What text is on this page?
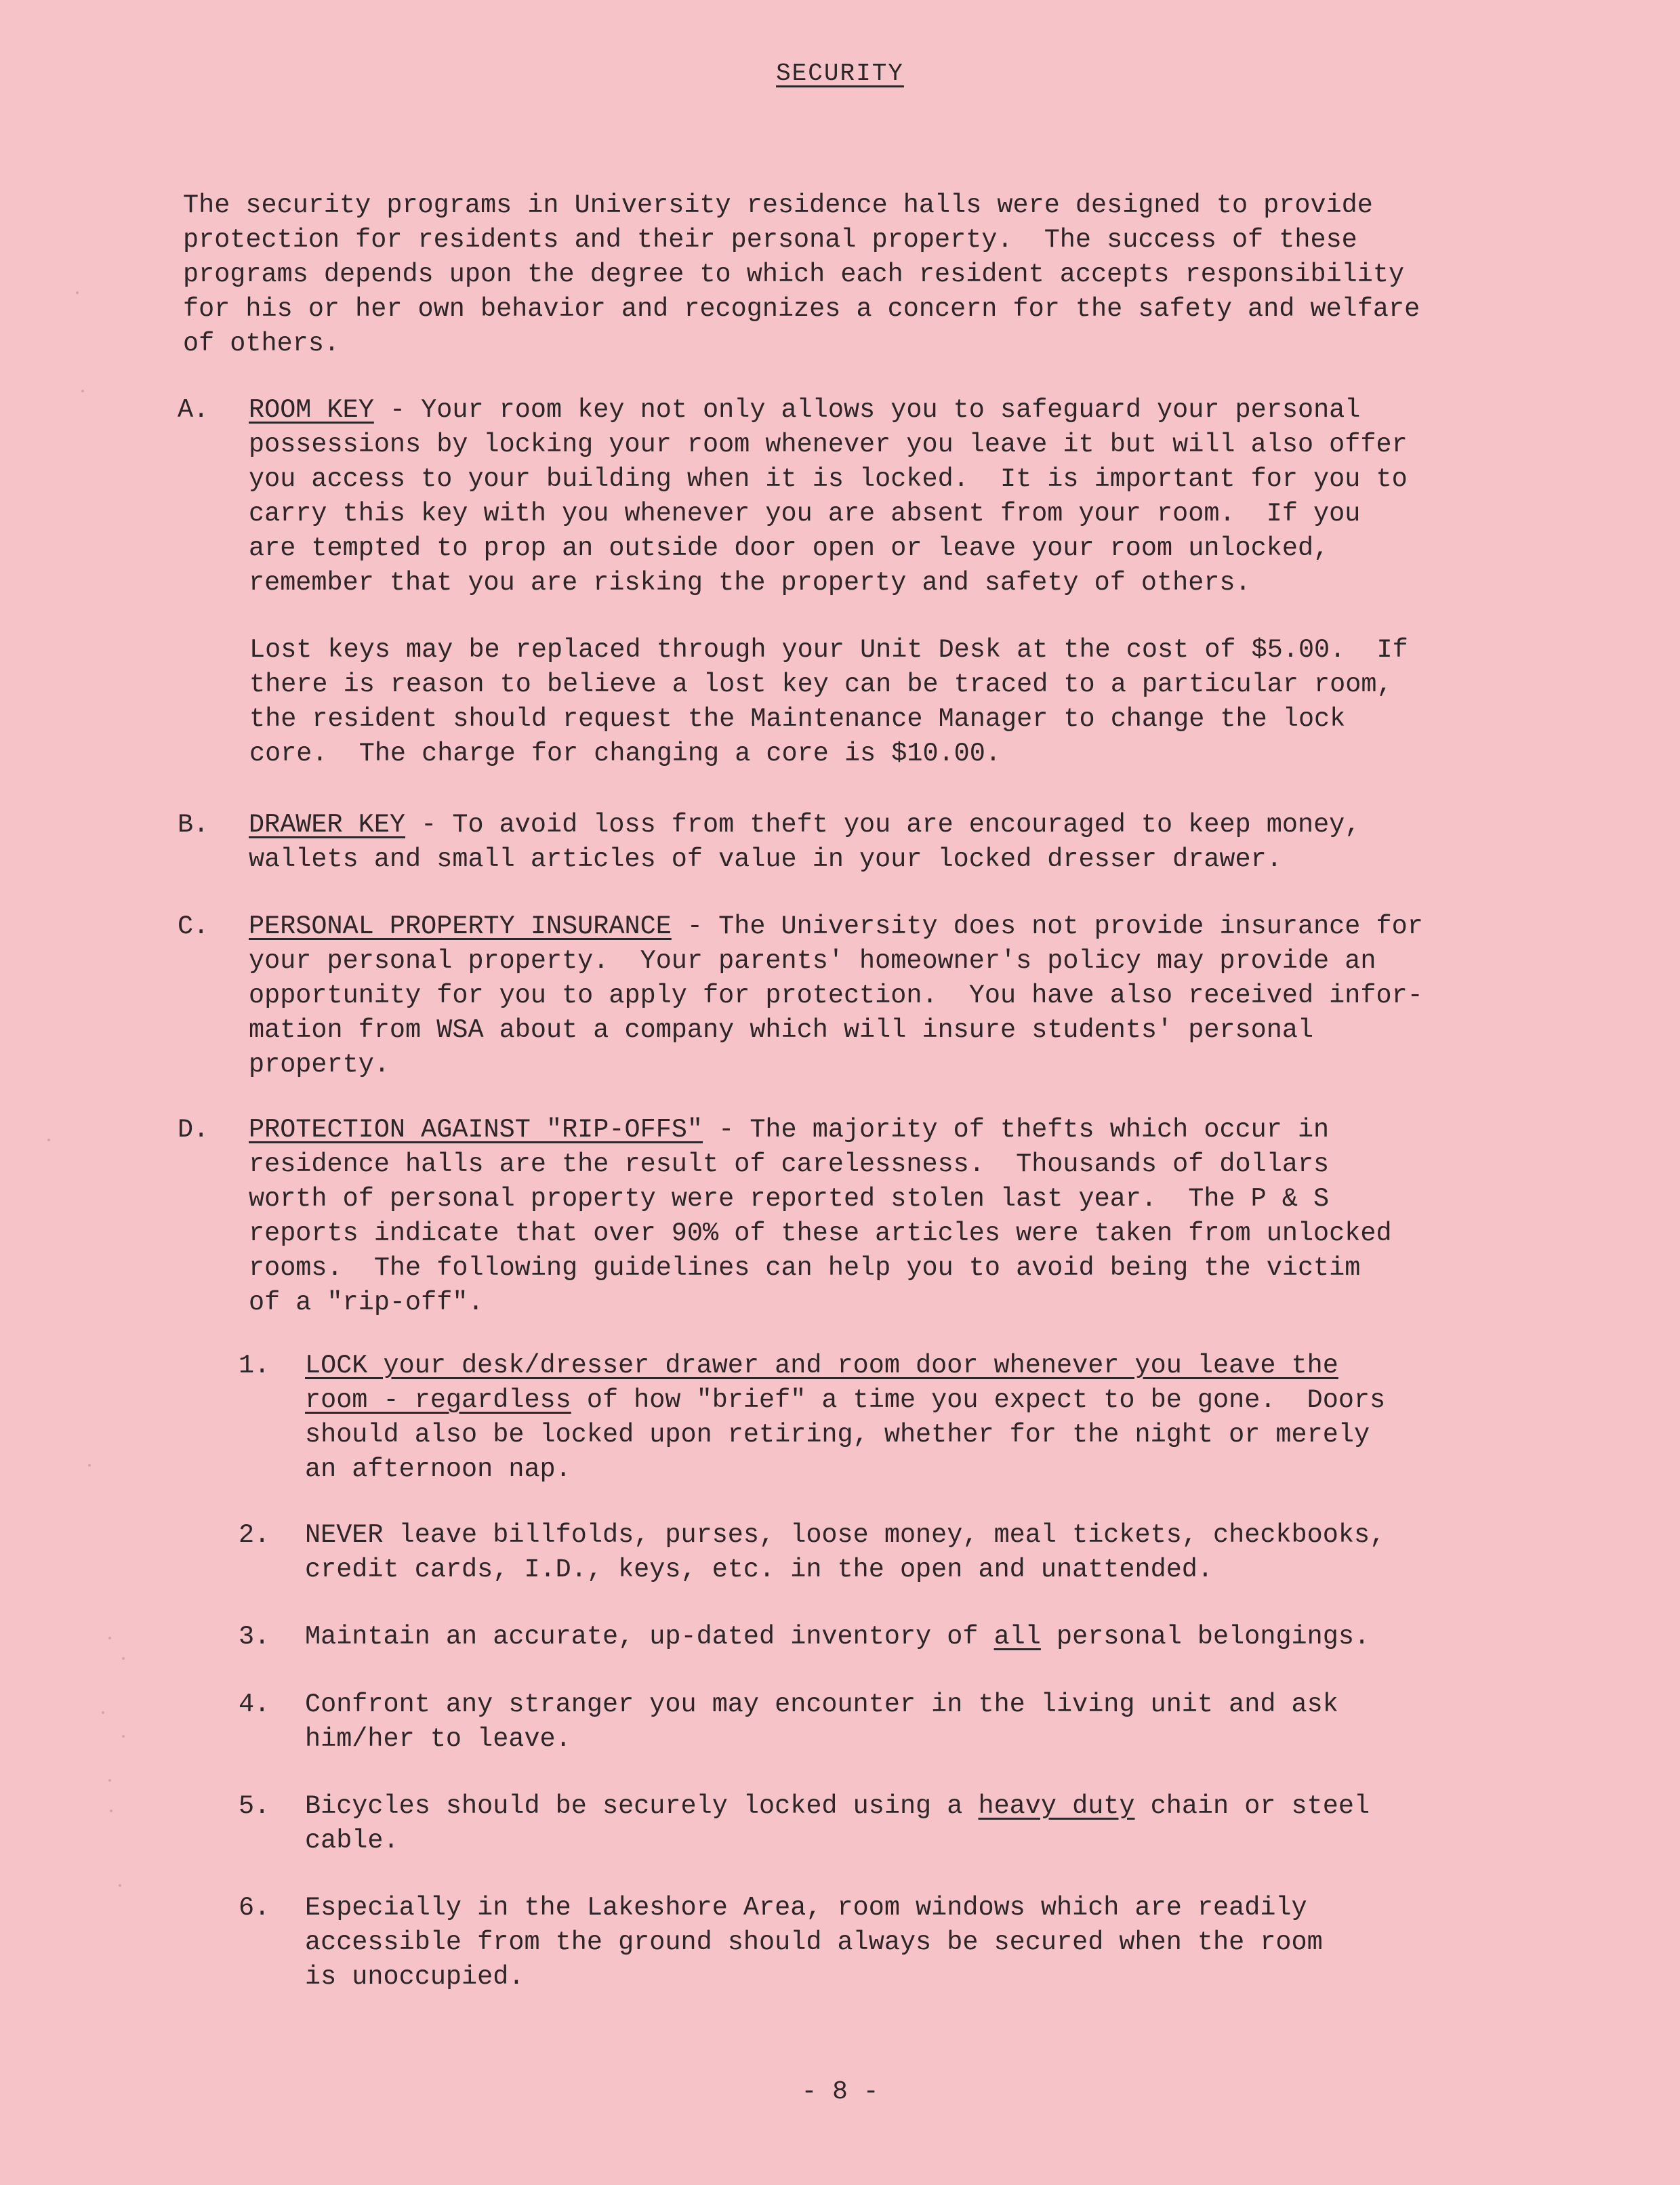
SECURITY
The security programs in University residence halls were designed to provide
protection for residents and their personal property.  The success of these
programs depends upon the degree to which each resident accepts responsibility
for his or her own behavior and recognizes a concern for the safety and welfare
of others.
A. ROOM KEY - Your room key not only allows you to safeguard your personal
possessions by locking your room whenever you leave it but will also offer
you access to your building when it is locked.  It is important for you to
carry this key with you whenever you are absent from your room.  If you
are tempted to prop an outside door open or leave your room unlocked,
remember that you are risking the property and safety of others.
Lost keys may be replaced through your Unit Desk at the cost of $5.00.  If
there is reason to believe a lost key can be traced to a particular room,
the resident should request the Maintenance Manager to change the lock
core.  The charge for changing a core is $10.00.
B. DRAWER KEY - To avoid loss from theft you are encouraged to keep money,
wallets and small articles of value in your locked dresser drawer.
C. PERSONAL PROPERTY INSURANCE - The University does not provide insurance for
your personal property.  Your parents' homeowner's policy may provide an
opportunity for you to apply for protection.  You have also received infor-
mation from WSA about a company which will insure students' personal
property.
D. PROTECTION AGAINST "RIP-OFFS" - The majority of thefts which occur in
residence halls are the result of carelessness.  Thousands of dollars
worth of personal property were reported stolen last year.  The P & S
reports indicate that over 90% of these articles were taken from unlocked
rooms.  The following guidelines can help you to avoid being the victim
of a "rip-off".
1. LOCK your desk/dresser drawer and room door whenever you leave the
room - regardless of how "brief" a time you expect to be gone.  Doors
should also be locked upon retiring, whether for the night or merely
an afternoon nap.
2. NEVER leave billfolds, purses, loose money, meal tickets, checkbooks,
credit cards, I.D., keys, etc. in the open and unattended.
3. Maintain an accurate, up-dated inventory of all personal belongings.
4. Confront any stranger you may encounter in the living unit and ask
him/her to leave.
5. Bicycles should be securely locked using a heavy duty chain or steel
cable.
6. Especially in the Lakeshore Area, room windows which are readily
accessible from the ground should always be secured when the room
is unoccupied.
- 8 -
